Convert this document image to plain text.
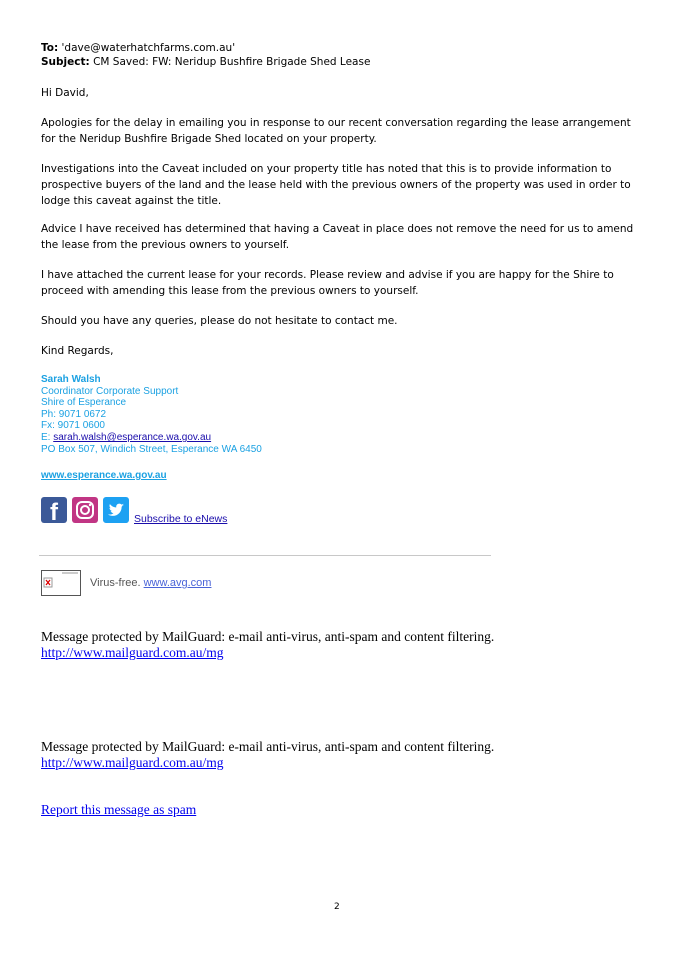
To: 'dave@waterhatchfarms.com.au'
Subject: CM Saved: FW: Neridup Bushfire Brigade Shed Lease

Hi David,

Apologies for the delay in emailing you in response to our recent conversation regarding the lease arrangement for the Neridup Bushfire Brigade Shed located on your property.

Investigations into the Caveat included on your property title has noted that this is to provide information to prospective buyers of the land and the lease held with the previous owners of the property was used in order to lodge this caveat against the title.

Advice I have received has determined that having a Caveat in place does not remove the need for us to amend the lease from the previous owners to yourself.

I have attached the current lease for your records. Please review and advise if you are happy for the Shire to proceed with amending this lease from the previous owners to yourself.

Should you have any queries, please do not hesitate to contact me.

Kind Regards,

Sarah Walsh
Coordinator Corporate Support
Shire of Esperance
Ph: 9071 0672
Fx: 9071 0600
E: sarah.walsh@esperance.wa.gov.au
PO Box 507, Windich Street, Esperance WA 6450
www.esperance.wa.gov.au
f	Subscribe to eNews
Virus-free. www.avg.com
Message protected by MailGuard: e-mail anti-virus, anti-spam and content filtering.
http://www.mailguard.com.au/mg
Message protected by MailGuard: e-mail anti-virus, anti-spam and content filtering.
http://www.mailguard.com.au/mg
Report this message as spam
2
